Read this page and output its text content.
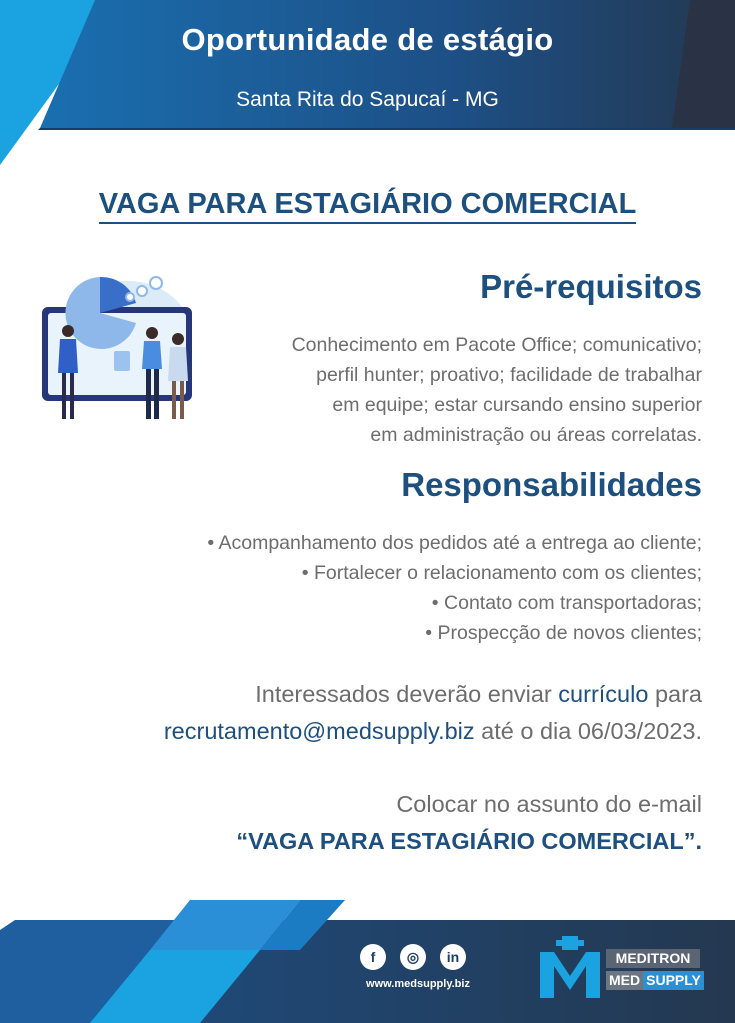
Oportunidade de estágio
Santa Rita do Sapucaí - MG
VAGA PARA ESTAGIÁRIO COMERCIAL
Pré-requisitos
Conhecimento em Pacote Office; comunicativo;
perfil hunter; proativo; facilidade de trabalhar
em equipe; estar cursando ensino superior
em administração ou áreas correlatas.
Responsabilidades
• Acompanhamento dos pedidos até a entrega ao cliente;
• Fortalecer o relacionamento com os clientes;
• Contato com transportadoras;
• Prospecção de novos clientes;
Interessados deverão enviar currículo para
recrutamento@medsupply.biz até o dia 06/03/2023.
Colocar no assunto do e-mail
“VAGA PARA ESTAGIÁRIO COMERCIAL”.
f	◎	in
www.medsupply.biz
MEDITRON
MED SUPPLY
